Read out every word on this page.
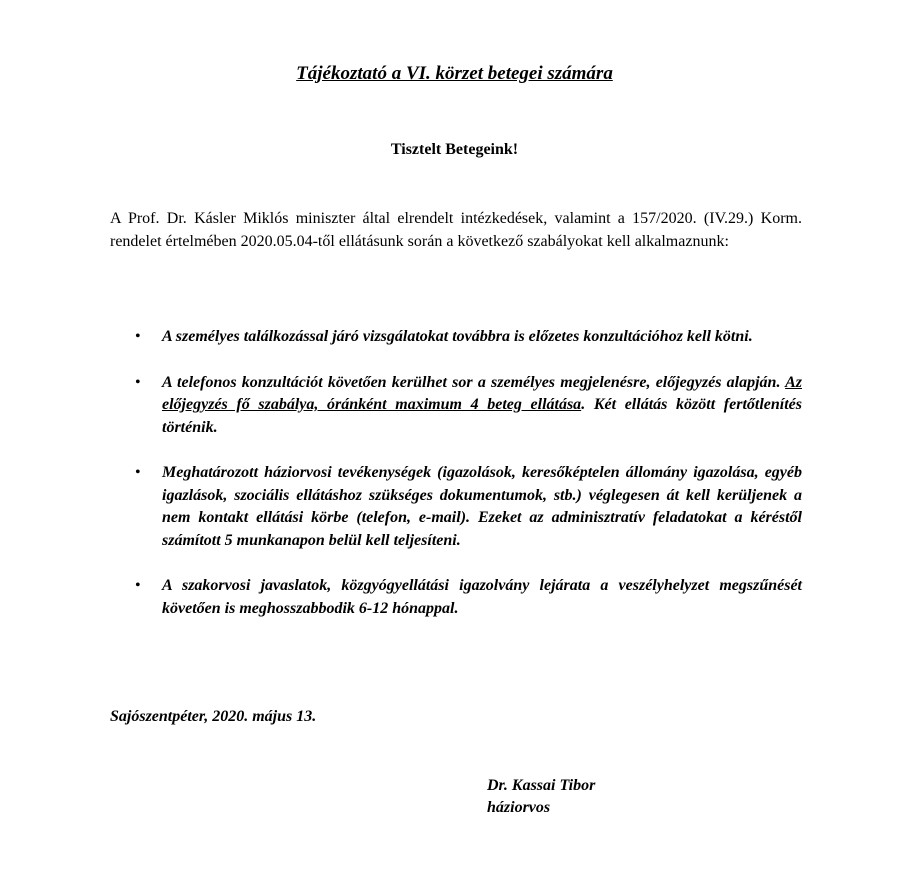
Tájékoztató a VI. körzet betegei számára
Tisztelt Betegeink!

A Prof. Dr. Kásler Miklós miniszter által elrendelt intézkedések, valamint a 157/2020. (IV.29.) Korm. rendelet értelmében 2020.05.04-től ellátásunk során a következő szabályokat kell alkalmaznunk:

• A személyes találkozással járó vizsgálatokat továbbra is előzetes konzultációhoz kell kötni.
• A telefonos konzultációt követően kerülhet sor a személyes megjelenésre, előjegyzés alapján. Az előjegyzés fő szabálya, óránként maximum 4 beteg ellátása. Két ellátás között fertőtlenítés történik.
• Meghatározott háziorvosi tevékenységek (igazolások, keresőképtelen állomány igazolása, egyéb igazlások, szociális ellátáshoz szükséges dokumentumok, stb.) véglegesen át kell kerüljenek a nem kontakt ellátási körbe (telefon, e-mail). Ezeket az adminisztratív feladatokat a kéréstől számított 5 munkanapon belül kell teljesíteni.
• A szakorvosi javaslatok, közgyógyellátási igazolvány lejárata a veszélyhelyzet megszűnését követően is meghosszabbodik 6-12 hónappal.
Sajószentpéter, 2020. május 13.
Dr. Kassai Tibor
háziorvos
